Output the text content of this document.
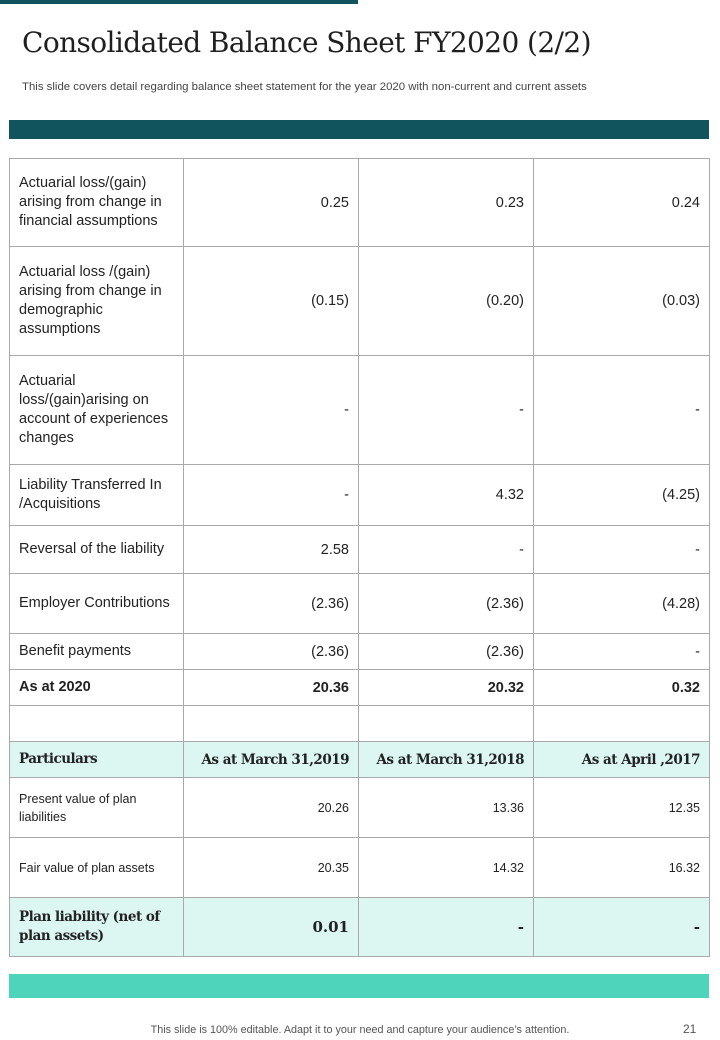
Consolidated Balance Sheet FY2020 (2/2)

This slide covers detail regarding balance sheet statement for the year 2020 with non-current and current assets

Actuarial loss/(gain) arising from change in financial assumptions	0.25	0.23	0.24
Actuarial loss /(gain) arising from change in demographic assumptions	(0.15)	(0.20)	(0.03)
Actuarial loss/(gain)arising on account of experiences changes	-	-	-
Liability Transferred In /Acquisitions	-	4.32	(4.25)
Reversal of the liability	2.58	-	-
Employer Contributions	(2.36)	(2.36)	(4.28)
Benefit payments	(2.36)	(2.36)	-
As at 2020	20.36	20.32	0.32

Particulars	As at March 31,2019	As at March 31,2018	As at April ,2017
Present value of plan liabilities	20.26	13.36	12.35
Fair value of plan assets	20.35	14.32	16.32
Plan liability (net of plan assets)	0.01	-	-

This slide is 100% editable. Adapt it to your need and capture your audience’s attention.	21
